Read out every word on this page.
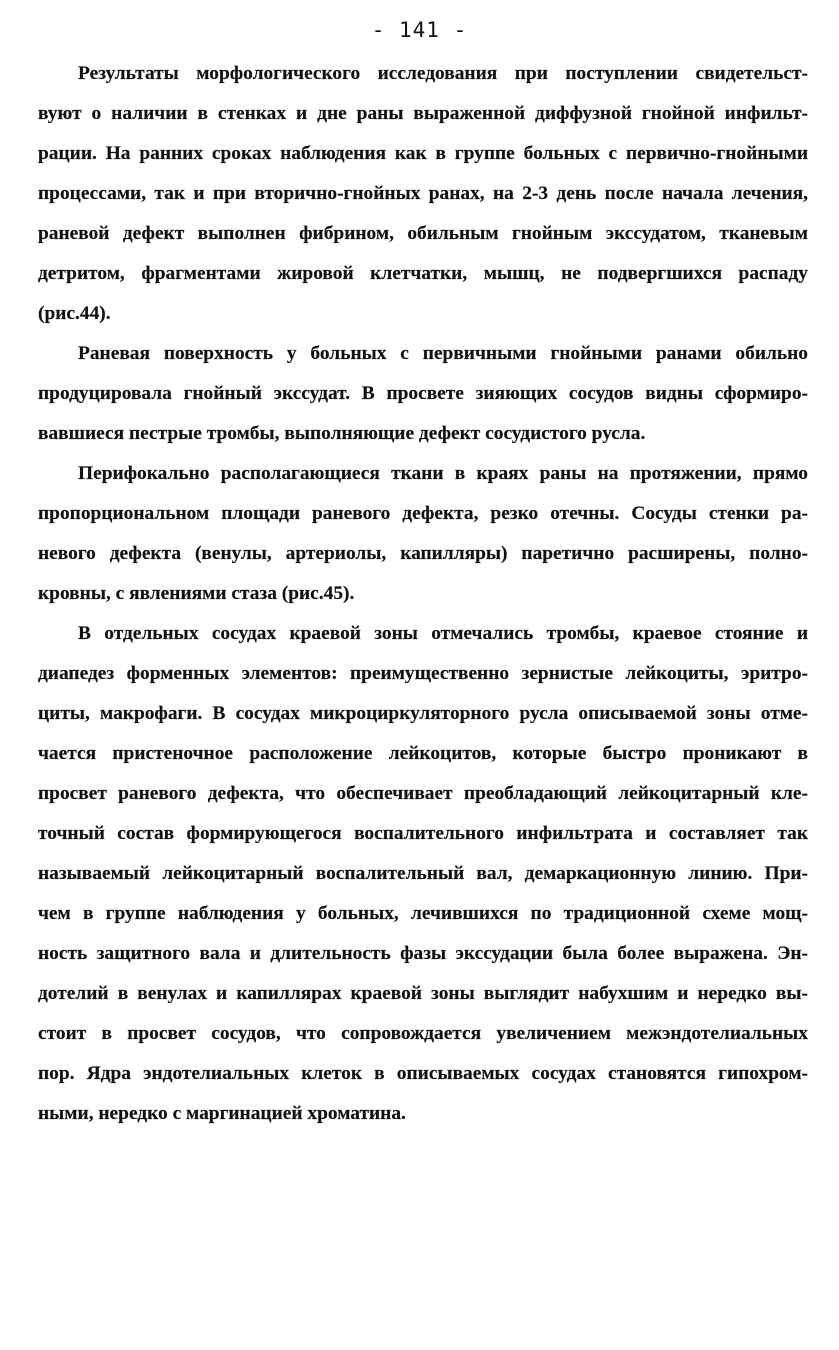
- 141 -
Результаты морфологического исследования при поступлении свидетельст-
вуют о наличии в стенках и дне раны выраженной диффузной гнойной инфильт-
рации. На ранних сроках наблюдения как в группе больных с первично-гнойными
процессами, так и при вторично-гнойных ранах, на 2-3 день после начала лечения,
раневой дефект выполнен фибрином, обильным гнойным экссудатом, тканевым
детритом, фрагментами жировой клетчатки, мышц, не подвергшихся распаду
(рис.44).
Раневая поверхность у больных с первичными гнойными ранами обильно
продуцировала гнойный экссудат. В просвете зияющих сосудов видны сформиро-
вавшиеся пестрые тромбы, выполняющие дефект сосудистого русла.
Перифокально располагающиеся ткани в краях раны на протяжении, прямо
пропорциональном площади раневого дефекта, резко отечны. Сосуды стенки ра-
невого дефекта (венулы, артериолы, капилляры) паретично расширены, полно-
кровны, с явлениями стаза (рис.45).
В отдельных сосудах краевой зоны отмечались тромбы, краевое стояние и
диапедез форменных элементов: преимущественно зернистые лейкоциты, эритро-
циты, макрофаги. В сосудах микроциркуляторного русла описываемой зоны отме-
чается пристеночное расположение лейкоцитов, которые быстро проникают в
просвет раневого дефекта, что обеспечивает преобладающий лейкоцитарный кле-
точный состав формирующегося воспалительного инфильтрата и составляет так
называемый лейкоцитарный воспалительный вал, демаркационную линию. При-
чем в группе наблюдения у больных, лечившихся по традиционной схеме мощ-
ность защитного вала и длительность фазы экссудации была более выражена. Эн-
дотелий в венулах и капиллярах краевой зоны выглядит набухшим и нередко вы-
стоит в просвет сосудов, что сопровождается увеличением межэндотелиальных
пор. Ядра эндотелиальных клеток в описываемых сосудах становятся гипохром-
ными, нередко с маргинацией хроматина.
